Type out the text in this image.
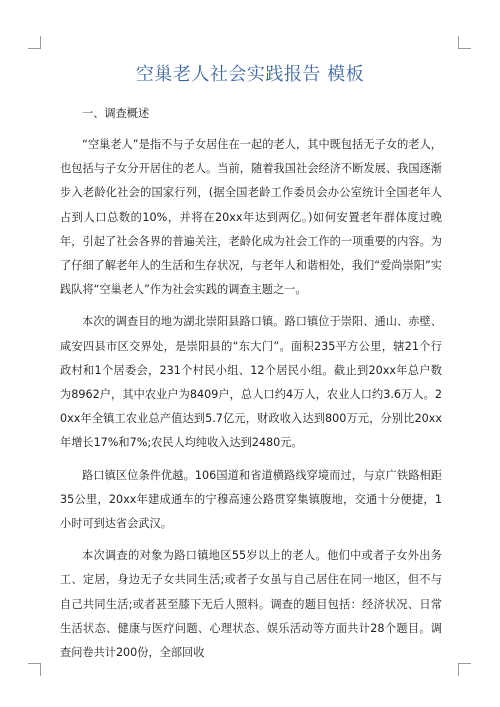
空巢老人社会实践报告 模板

一、调查概述

“空巢老人”是指不与子女居住在一起的老人，其中既包括无子女的老人，也包括与子女分开居住的老人。当前，随着我国社会经济不断发展、我国逐渐步入老龄化社会的国家行列，(据全国老龄工作委员会办公室统计全国老年人占到人口总数的10%，并将在20xx年达到两亿。)如何安置老年群体度过晚年，引起了社会各界的普遍关注，老龄化成为社会工作的一项重要的内容。为了仔细了解老年人的生活和生存状况，与老年人和谐相处，我们“爱尚崇阳”实践队将“空巢老人”作为社会实践的调查主题之一。

本次的调查目的地为湖北崇阳县路口镇。路口镇位于崇阳、通山、赤壁、咸安四县市区交界处，是崇阳县的“东大门”。面积235平方公里，辖21个行政村和1个居委会，231个村民小组、12个居民小组。截止到20xx年总户数为8962户，其中农业户为8409户，总人口约4万人，农业人口约3.6万人。20xx年全镇工农业总产值达到5.7亿元，财政收入达到800万元，分别比20xx年增长17%和7%;农民人均纯收入达到2480元。

路口镇区位条件优越。106国道和省道横路线穿境而过，与京广铁路相距35公里，20xx年建成通车的宁穆高速公路贯穿集镇腹地，交通十分便捷，1小时可到达省会武汉。

本次调查的对象为路口镇地区55岁以上的老人。他们中或者子女外出务工、定居，身边无子女共同生活;或者子女虽与自己居住在同一地区，但不与自己共同生活;或者甚至膝下无后人照料。调查的题目包括：经济状况、日常生活状态、健康与医疗问题、心理状态、娱乐活动等方面共计28个题目。调查问卷共计200份，全部回收
